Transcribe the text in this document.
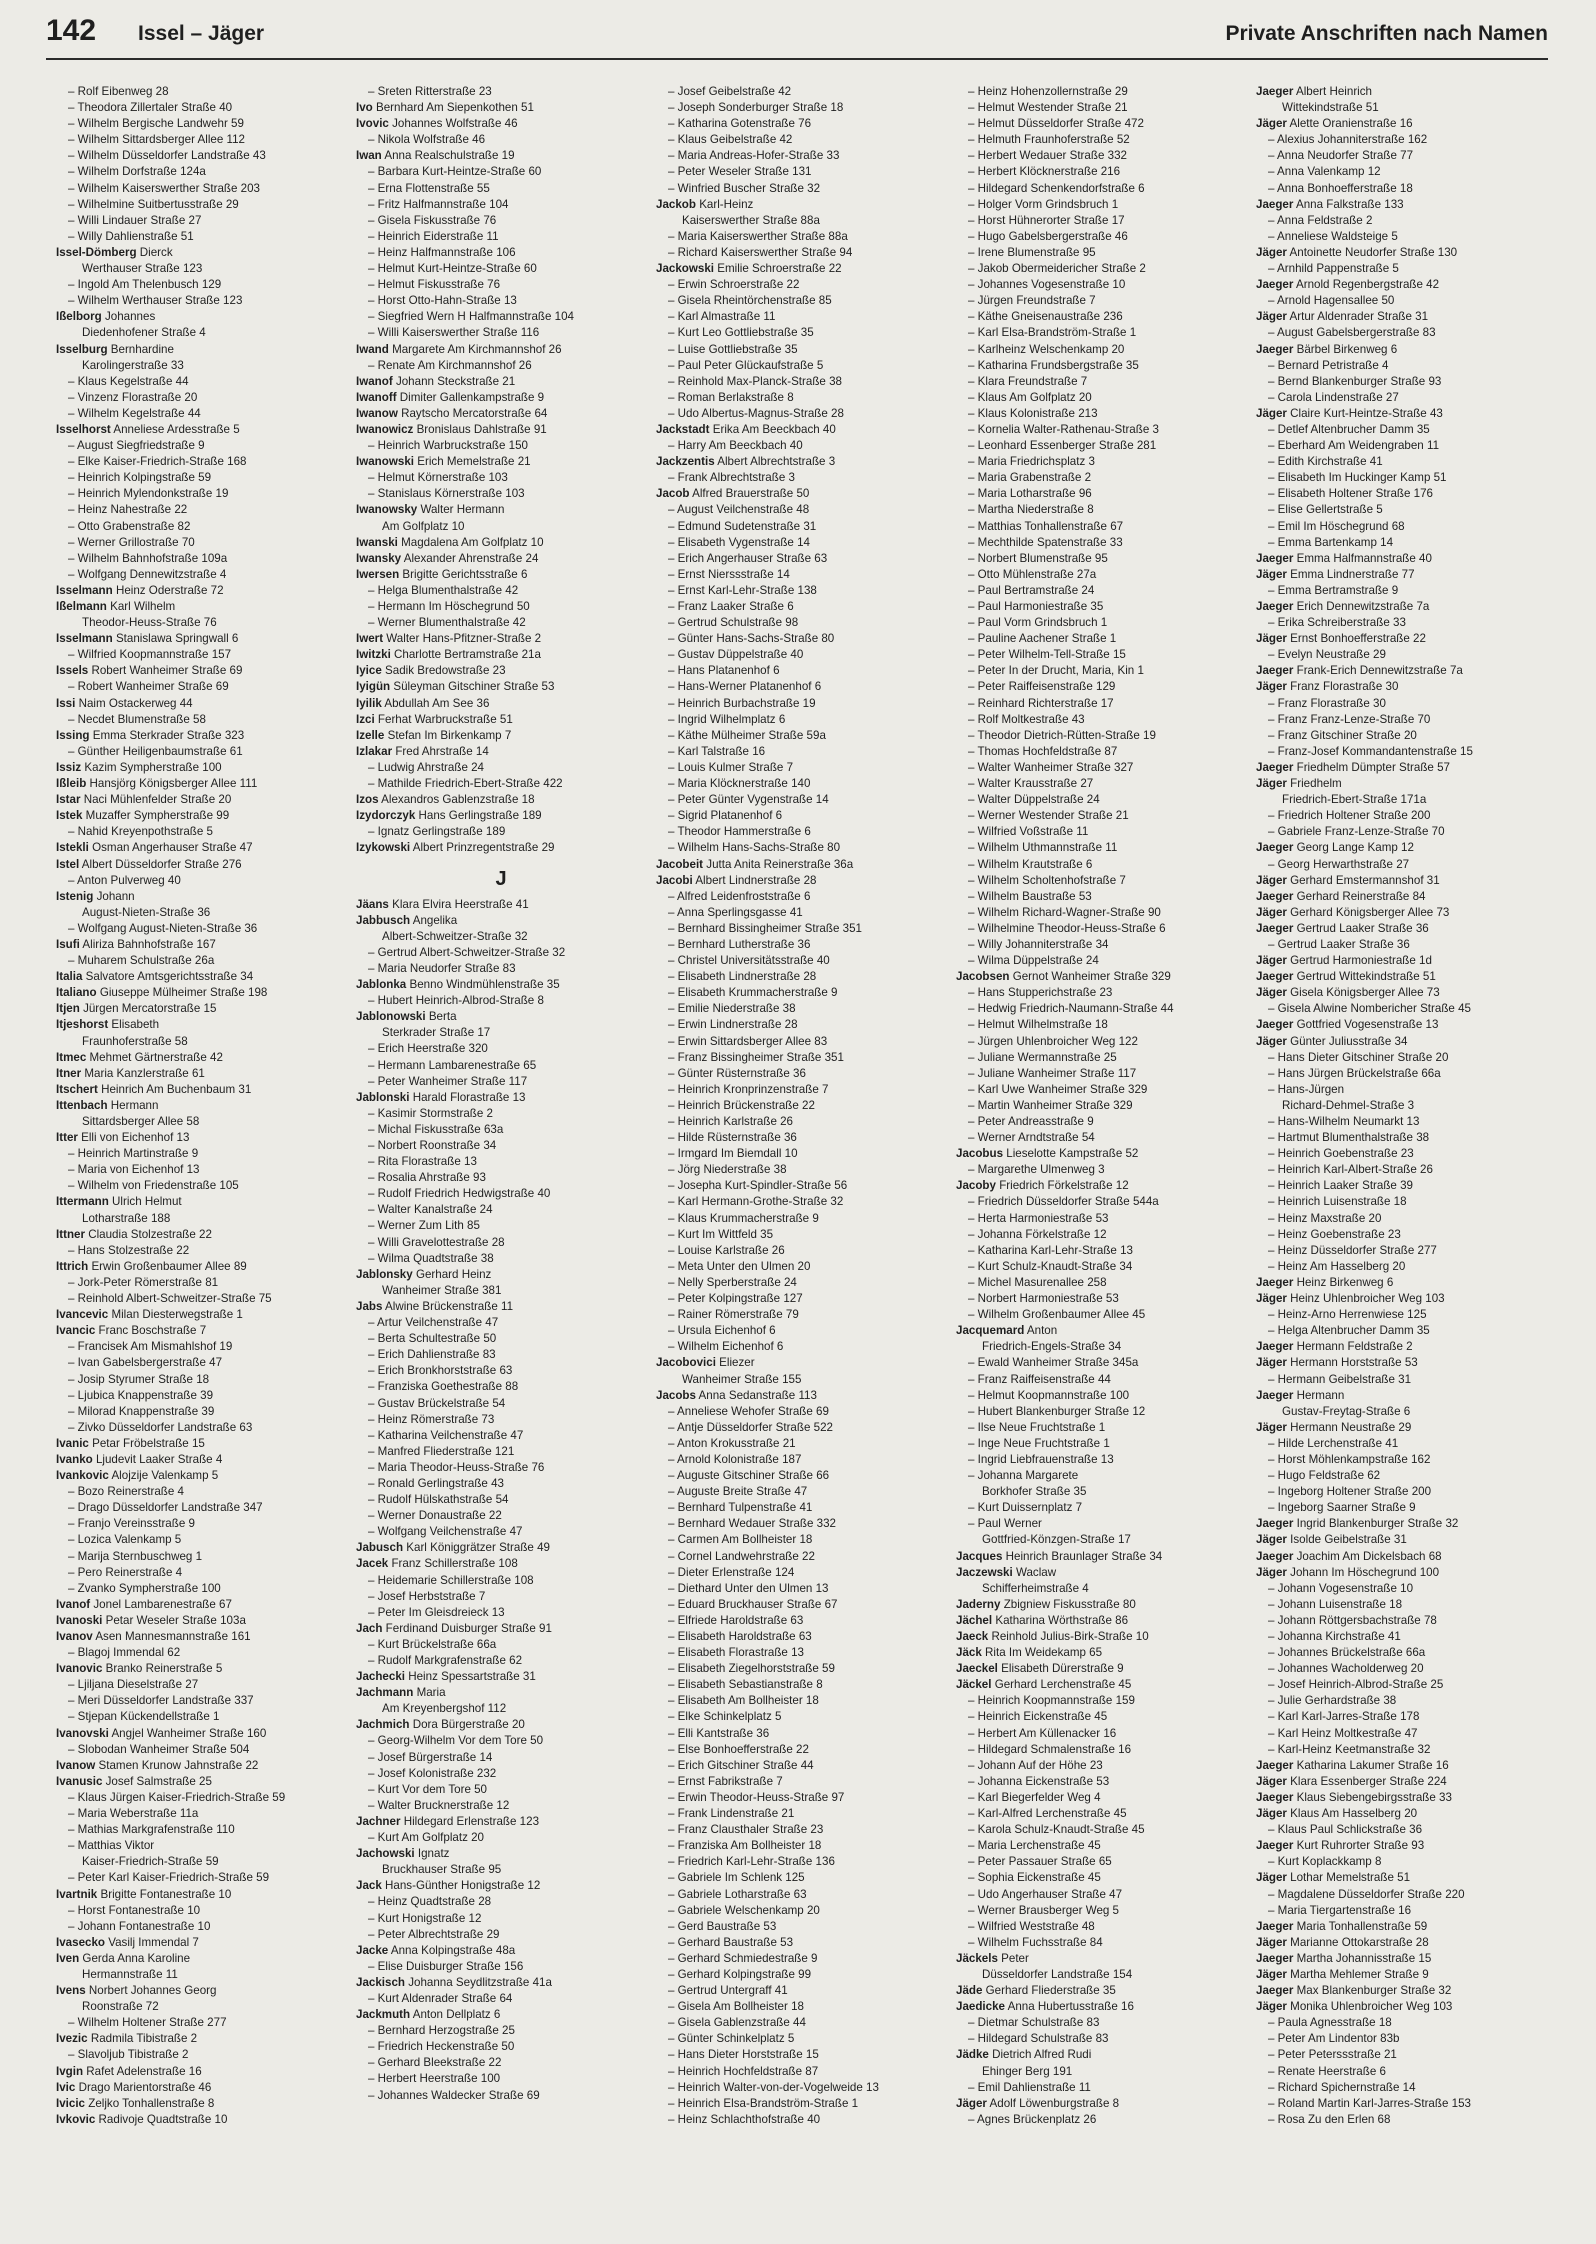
142 Issel – Jäger	Private Anschriften nach Namen
– Rolf Eibenweg 28
– Theodora Zillertaler Straße 40
– Wilhelm Bergische Landwehr 59
– Wilhelm Sittardsberger Allee 112
– Wilhelm Düsseldorfer Landstraße 43
– Wilhelm Dorfstraße 124a
– Wilhelm Kaiserswerther Straße 203
– Wilhelmine Suitbertusstraße 29
– Willi Lindauer Straße 27
– Willy Dahlienstraße 51
Issel-Dömberg Dierck
Werthauser Straße 123
– Ingold Am Thelenbusch 129
– Wilhelm Werthauser Straße 123
Ißelborg Johannes
Diedenhofener Straße 4
Isselburg Bernhardine
Karolingerstraße 33
– Klaus Kegelstraße 44
– Vinzenz Florastraße 20
– Wilhelm Kegelstraße 44
Isselhorst Anneliese Ardesstraße 5
– August Siegfriedstraße 9
– Elke Kaiser-Friedrich-Straße 168
– Heinrich Kolpingstraße 59
– Heinrich Mylendonkstraße 19
– Heinz Nahestraße 22
– Otto Grabenstraße 82
– Werner Grillostraße 70
– Wilhelm Bahnhofstraße 109a
– Wolfgang Dennewitzstraße 4
Isselmann Heinz Oderstraße 72
Ißelmann Karl Wilhelm
Theodor-Heuss-Straße 76
Isselmann Stanislawa Springwall 6
– Wilfried Koopmannstraße 157
Issels Robert Wanheimer Straße 69
– Robert Wanheimer Straße 69
Issi Naim Ostackerweg 44
– Necdet Blumenstraße 58
Issing Emma Sterkrader Straße 323
– Günther Heiligenbaumstraße 61
Issiz Kazim Sympherstraße 100
Ißleib Hansjörg Königsberger Allee 111
Istar Naci Mühlenfelder Straße 20
Istek Muzaffer Sympherstraße 99
– Nahid Kreyenpothstraße 5
Istekli Osman Angerhauser Straße 47
Istel Albert Düsseldorfer Straße 276
– Anton Pulverweg 40
Istenig Johann
August-Nieten-Straße 36
– Wolfgang August-Nieten-Straße 36
Isufi Aliriza Bahnhofstraße 167
– Muharem Schulstraße 26a
Italia Salvatore Amtsgerichtsstraße 34
Italiano Giuseppe Mülheimer Straße 198
Itjen Jürgen Mercatorstraße 15
Itjeshorst Elisabeth
Fraunhoferstraße 58
Itmec Mehmet Gärtnerstraße 42
Itner Maria Kanzlerstraße 61
Itschert Heinrich Am Buchenbaum 31
Ittenbach Hermann
Sittardsberger Allee 58
Itter Elli von Eichenhof 13
– Heinrich Martinstraße 9
– Maria von Eichenhof 13
– Wilhelm von Friedenstraße 105
Ittermann Ulrich Helmut
Lotharstraße 188
Ittner Claudia Stolzestraße 22
– Hans Stolzestraße 22
Ittrich Erwin Großenbaumer Allee 89
– Jork-Peter Römerstraße 81
– Reinhold Albert-Schweitzer-Straße 75
Ivancevic Milan Diesterwegstraße 1
Ivancic Franc Boschstraße 7
– Francisek Am Mismahlshof 19
– Ivan Gabelsbergerstraße 47
– Josip Styrumer Straße 18
– Ljubica Knappenstraße 39
– Milorad Knappenstraße 39
– Zivko Düsseldorfer Landstraße 63
Ivanic Petar Fröbelstraße 15
Ivanko Ljudevit Laaker Straße 4
Ivankovic Alojzije Valenkamp 5
– Bozo Reinerstraße 4
– Drago Düsseldorfer Landstraße 347
– Franjo Vereinsstraße 9
– Lozica Valenkamp 5
– Marija Sternbuschweg 1
– Pero Reinerstraße 4
– Zvanko Sympherstraße 100
Ivanof Jonel Lambarenestraße 67
Ivanoski Petar Weseler Straße 103a
Ivanov Asen Mannesmannstraße 161
– Blagoj Immendal 62
Ivanovic Branko Reinerstraße 5
– Ljiljana Dieselstraße 27
– Meri Düsseldorfer Landstraße 337
– Stjepan Kückendellstraße 1
Ivanovski Angjel Wanheimer Straße 160
– Slobodan Wanheimer Straße 504
Ivanow Stamen Krunow Jahnstraße 22
Ivanusic Josef Salmstraße 25
– Klaus Jürgen Kaiser-Friedrich-Straße 59
– Maria Weberstraße 11a
– Mathias Markgrafenstraße 110
– Matthias Viktor
Kaiser-Friedrich-Straße 59
– Peter Karl Kaiser-Friedrich-Straße 59
Ivartnik Brigitte Fontanestraße 10
– Horst Fontanestraße 10
– Johann Fontanestraße 10
Ivasecko Vasilj Immendal 7
Iven Gerda Anna Karoline
Hermannstraße 11
Ivens Norbert Johannes Georg
Roonstraße 72
– Wilhelm Holtener Straße 277
Ivezic Radmila Tibistraße 2
– Slavoljub Tibistraße 2
Ivgin Rafet Adelenstraße 16
Ivic Drago Marientorstraße 46
Ivicic Zeljko Tonhallenstraße 8
Ivkovic Radivoje Quadtstraße 10
– Sreten Ritterstraße 23
Ivo Bernhard Am Siepenkothen 51
Ivovic Johannes Wolfstraße 46
– Nikola Wolfstraße 46
Iwan Anna Realschulstraße 19
– Barbara Kurt-Heintze-Straße 60
– Erna Flottenstraße 55
– Fritz Halfmannstraße 104
– Gisela Fiskusstraße 76
– Heinrich Eiderstraße 11
– Heinz Halfmannstraße 106
– Helmut Kurt-Heintze-Straße 60
– Helmut Fiskusstraße 76
– Horst Otto-Hahn-Straße 13
– Siegfried Wern H Halfmannstraße 104
– Willi Kaiserswerther Straße 116
Iwand Margarete Am Kirchmannshof 26
– Renate Am Kirchmannshof 26
Iwanof Johann Steckstraße 21
Iwanoff Dimiter Gallenkampstraße 9
Iwanow Raytscho Mercatorstraße 64
Iwanowicz Bronislaus Dahlstraße 91
– Heinrich Warbruckstraße 150
Iwanowski Erich Memelstraße 21
– Helmut Körnerstraße 103
– Stanislaus Körnerstraße 103
Iwanowsky Walter Hermann
Am Golfplatz 10
Iwanski Magdalena Am Golfplatz 10
Iwansky Alexander Ahrenstraße 24
Iwersen Brigitte Gerichtsstraße 6
– Helga Blumenthalstraße 42
– Hermann Im Höschegrund 50
– Werner Blumenthalstraße 42
Iwert Walter Hans-Pfitzner-Straße 2
Iwitzki Charlotte Bertramstraße 21a
Iyice Sadik Bredowstraße 23
Iyigün Süleyman Gitschiner Straße 53
Iyilik Abdullah Am See 36
Izci Ferhat Warbruckstraße 51
Izelle Stefan Im Birkenkamp 7
Izlakar Fred Ahrstraße 14
– Ludwig Ahrstraße 24
– Mathilde Friedrich-Ebert-Straße 422
Izos Alexandros Gablenzstraße 18
Izydorczyk Hans Gerlingstraße 189
– Ignatz Gerlingstraße 189
Izykowski Albert Prinzregentstraße 29
J
Jäans Klara Elvira Heerstraße 41
Jabbusch Angelika
Albert-Schweitzer-Straße 32
– Gertrud Albert-Schweitzer-Straße 32
– Maria Neudorfer Straße 83
Jablonka Benno Windmühlenstraße 35
– Hubert Heinrich-Albrod-Straße 8
Jablonowski Berta
Sterkrader Straße 17
– Erich Heerstraße 320
– Hermann Lambarenestraße 65
– Peter Wanheimer Straße 117
Jablonski Harald Florastraße 13
– Kasimir Stormstraße 2
– Michal Fiskusstraße 63a
– Norbert Roonstraße 34
– Rita Florastraße 13
– Rosalia Ahrstraße 93
– Rudolf Friedrich Hedwigstraße 40
– Walter Kanalstraße 24
– Werner Zum Lith 85
– Willi Gravelottestraße 28
– Wilma Quadtstraße 38
Jablonsky Gerhard Heinz
Wanheimer Straße 381
Jabs Alwine Brückenstraße 11
– Artur Veilchenstraße 47
– Berta Schultestraße 50
– Erich Dahlienstraße 83
– Erich Bronkhorststraße 63
– Franziska Goethestraße 88
– Gustav Brückelstraße 54
– Heinz Römerstraße 73
– Katharina Veilchenstraße 47
– Manfred Fliederstraße 121
– Maria Theodor-Heuss-Straße 76
– Ronald Gerlingstraße 43
– Rudolf Hülskathstraße 54
– Werner Donaustraße 22
– Wolfgang Veilchenstraße 47
Jabusch Karl Königgrätzer Straße 49
Jacek Franz Schillerstraße 108
– Heidemarie Schillerstraße 108
– Josef Herbststraße 7
– Peter Im Gleisdreieck 13
Jach Ferdinand Duisburger Straße 91
– Kurt Brückelstraße 66a
– Rudolf Markgrafenstraße 62
Jachecki Heinz Spessartstraße 31
Jachmann Maria
Am Kreyenbergshof 112
Jachmich Dora Bürgerstraße 20
– Georg-Wilhelm Vor dem Tore 50
– Josef Bürgerstraße 14
– Josef Kolonistraße 232
– Kurt Vor dem Tore 50
– Walter Brucknerstraße 12
Jachner Hildegard Erlenstraße 123
– Kurt Am Golfplatz 20
Jachowski Ignatz
Bruckhauser Straße 95
Jack Hans-Günther Honigstraße 12
– Heinz Quadtstraße 28
– Kurt Honigstraße 12
– Peter Albrechtstraße 29
Jacke Anna Kolpingstraße 48a
– Elise Duisburger Straße 156
Jackisch Johanna Seydlitzstraße 41a
– Kurt Aldenrader Straße 64
Jackmuth Anton Dellplatz 6
– Bernhard Herzogstraße 25
– Friedrich Heckenstraße 50
– Gerhard Bleekstraße 22
– Herbert Heerstraße 100
– Johannes Waldecker Straße 69
– Josef Geibelstraße 42
– Joseph Sonderburger Straße 18
– Katharina Gotenstraße 76
– Klaus Geibelstraße 42
– Maria Andreas-Hofer-Straße 33
– Peter Weseler Straße 131
– Winfried Buscher Straße 32
Jackob Karl-Heinz
Kaiserswerther Straße 88a
– Maria Kaiserswerther Straße 88a
– Richard Kaiserswerther Straße 94
Jackowski Emilie Schroerstraße 22
– Erwin Schroerstraße 22
– Gisela Rheintörchenstraße 85
– Karl Almastraße 11
– Kurt Leo Gottliebstraße 35
– Luise Gottliebstraße 35
– Paul Peter Glückaufstraße 5
– Reinhold Max-Planck-Straße 38
– Roman Berlakstraße 8
– Udo Albertus-Magnus-Straße 28
Jackstadt Erika Am Beeckbach 40
– Harry Am Beeckbach 40
Jackzentis Albert Albrechtstraße 3
– Frank Albrechtstraße 3
Jacob Alfred Brauerstraße 50
– August Veilchenstraße 48
– Edmund Sudetenstraße 31
– Elisabeth Vygenstraße 14
– Erich Angerhauser Straße 63
– Ernst Nierssstraße 14
– Ernst Karl-Lehr-Straße 138
– Franz Laaker Straße 6
– Gertrud Schulstraße 98
– Günter Hans-Sachs-Straße 80
– Gustav Düppelstraße 40
– Hans Platanenhof 6
– Hans-Werner Platanenhof 6
– Heinrich Burbachstraße 19
– Ingrid Wilhelmplatz 6
– Käthe Mülheimer Straße 59a
– Karl Talstraße 16
– Louis Kulmer Straße 7
– Maria Klöcknerstraße 140
– Peter Günter Vygenstraße 14
– Sigrid Platanenhof 6
– Theodor Hammerstraße 6
– Wilhelm Hans-Sachs-Straße 80
Jacobeit Jutta Anita Reinerstraße 36a
Jacobi Albert Lindnerstraße 28
– Alfred Leidenfroststraße 6
– Anna Sperlingsgasse 41
– Bernhard Bissingheimer Straße 351
– Bernhard Lutherstraße 36
– Christel Universitätsstraße 40
– Elisabeth Lindnerstraße 28
– Elisabeth Krummacherstraße 9
– Emilie Niederstraße 38
– Erwin Lindnerstraße 28
– Erwin Sittardsberger Allee 83
– Franz Bissingheimer Straße 351
– Günter Rüsternstraße 36
– Heinrich Kronprinzenstraße 7
– Heinrich Brückenstraße 22
– Heinrich Karlstraße 26
– Hilde Rüsternstraße 36
– Irmgard Im Biemdall 10
– Jörg Niederstraße 38
– Josepha Kurt-Spindler-Straße 56
– Karl Hermann-Grothe-Straße 32
– Klaus Krummacherstraße 9
– Kurt Im Wittfeld 35
– Louise Karlstraße 26
– Meta Unter den Ulmen 20
– Nelly Sperberstraße 24
– Peter Kolpingstraße 127
– Rainer Römerstraße 79
– Ursula Eichenhof 6
– Wilhelm Eichenhof 6
Jacobovici Eliezer
Wanheimer Straße 155
Jacobs Anna Sedanstraße 113
– Anneliese Wehofer Straße 69
– Antje Düsseldorfer Straße 522
– Anton Krokusstraße 21
– Arnold Kolonistraße 187
– Auguste Gitschiner Straße 66
– Auguste Breite Straße 47
– Bernhard Tulpenstraße 41
– Bernhard Wedauer Straße 332
– Carmen Am Bollheister 18
– Cornel Landwehrstraße 22
– Dieter Erlenstraße 124
– Diethard Unter den Ulmen 13
– Eduard Bruckhauser Straße 67
– Elfriede Haroldstraße 63
– Elisabeth Haroldstraße 63
– Elisabeth Florastraße 13
– Elisabeth Ziegelhorststraße 59
– Elisabeth Sebastianstraße 8
– Elisabeth Am Bollheister 18
– Elke Schinkelplatz 5
– Elli Kantstraße 36
– Else Bonhoefferstraße 22
– Erich Gitschiner Straße 44
– Ernst Fabrikstraße 7
– Erwin Theodor-Heuss-Straße 97
– Frank Lindenstraße 21
– Franz Clausthaler Straße 23
– Franziska Am Bollheister 18
– Friedrich Karl-Lehr-Straße 136
– Gabriele Im Schlenk 125
– Gabriele Lotharstraße 63
– Gabriele Welschenkamp 20
– Gerd Baustraße 53
– Gerhard Baustraße 53
– Gerhard Schmiedestraße 9
– Gerhard Kolpingstraße 99
– Gertrud Untergraff 41
– Gisela Am Bollheister 18
– Gisela Gablenzstraße 44
– Günter Schinkelplatz 5
– Hans Dieter Horststraße 15
– Heinrich Hochfeldstraße 87
– Heinrich Walter-von-der-Vogelweide 13
– Heinrich Elsa-Brandström-Straße 1
– Heinz Schlachthofstraße 40
– Heinz Hohenzollernstraße 29
– Helmut Westender Straße 21
– Helmut Düsseldorfer Straße 472
– Helmuth Fraunhoferstraße 52
– Herbert Wedauer Straße 332
– Herbert Klöcknerstraße 216
– Hildegard Schenkendorfstraße 6
– Holger Vorm Grindsbruch 1
– Horst Hühnerorter Straße 17
– Hugo Gabelsbergerstraße 46
– Irene Blumenstraße 95
– Jakob Obermeidericher Straße 2
– Johannes Vogesenstraße 10
– Jürgen Freundstraße 7
– Käthe Gneisenaustraße 236
– Karl Elsa-Brandström-Straße 1
– Karlheinz Welschenkamp 20
– Katharina Frundsbergstraße 35
– Klara Freundstraße 7
– Klaus Am Golfplatz 20
– Klaus Kolonistraße 213
– Kornelia Walter-Rathenau-Straße 3
– Leonhard Essenberger Straße 281
– Maria Friedrichsplatz 3
– Maria Grabenstraße 2
– Maria Lotharstraße 96
– Martha Niederstraße 8
– Matthias Tonhallenstraße 67
– Mechthilde Spatenstraße 33
– Norbert Blumenstraße 95
– Otto Mühlenstraße 27a
– Paul Bertramstraße 24
– Paul Harmoniestraße 35
– Paul Vorm Grindsbruch 1
– Pauline Aachener Straße 1
– Peter Wilhelm-Tell-Straße 15
– Peter In der Drucht, Maria, Kin 1
– Peter Raiffeisenstraße 129
– Reinhard Richterstraße 17
– Rolf Moltkestraße 43
– Theodor Dietrich-Rütten-Straße 19
– Thomas Hochfeldstraße 87
– Walter Wanheimer Straße 327
– Walter Krausstraße 27
– Walter Düppelstraße 24
– Werner Westender Straße 21
– Wilfried Voßstraße 11
– Wilhelm Uthmannstraße 11
– Wilhelm Krautstraße 6
– Wilhelm Scholtenhofstraße 7
– Wilhelm Baustraße 53
– Wilhelm Richard-Wagner-Straße 90
– Wilhelmine Theodor-Heuss-Straße 6
– Willy Johanniterstraße 34
– Wilma Düppelstraße 24
Jacobsen Gernot Wanheimer Straße 329
– Hans Stupperichstraße 23
– Hedwig Friedrich-Naumann-Straße 44
– Helmut Wilhelmstraße 18
– Jürgen Uhlenbroicher Weg 122
– Juliane Wermannstraße 25
– Juliane Wanheimer Straße 117
– Karl Uwe Wanheimer Straße 329
– Martin Wanheimer Straße 329
– Peter Andreasstraße 9
– Werner Arndtstraße 54
Jacobus Lieselotte Kampstraße 52
– Margarethe Ulmenweg 3
Jacoby Friedrich Förkelstraße 12
– Friedrich Düsseldorfer Straße 544a
– Herta Harmoniestraße 53
– Johanna Förkelstraße 12
– Katharina Karl-Lehr-Straße 13
– Kurt Schulz-Knaudt-Straße 34
– Michel Masurenallee 258
– Norbert Harmoniestraße 53
– Wilhelm Großenbaumer Allee 45
Jacquemard Anton
Friedrich-Engels-Straße 34
– Ewald Wanheimer Straße 345a
– Franz Raiffeisenstraße 44
– Helmut Koopmannstraße 100
– Hubert Blankenburger Straße 12
– Ilse Neue Fruchtstraße 1
– Inge Neue Fruchtstraße 1
– Ingrid Liebfrauenstraße 13
– Johanna Margarete
Borkhofer Straße 35
– Kurt Duissernplatz 7
– Paul Werner
Gottfried-Könzgen-Straße 17
Jacques Heinrich Braunlager Straße 34
Jaczewski Waclaw
Schifferheimstraße 4
Jaderny Zbigniew Fiskusstraße 80
Jächel Katharina Wörthstraße 86
Jaeck Reinhold Julius-Birk-Straße 10
Jäck Rita Im Weidekamp 65
Jaeckel Elisabeth Dürerstraße 9
Jäckel Gerhard Lerchenstraße 45
– Heinrich Koopmannstraße 159
– Heinrich Eickenstraße 45
– Herbert Am Küllenacker 16
– Hildegard Schmalenstraße 16
– Johann Auf der Höhe 23
– Johanna Eickenstraße 53
– Karl Biegerfelder Weg 4
– Karl-Alfred Lerchenstraße 45
– Karola Schulz-Knaudt-Straße 45
– Maria Lerchenstraße 45
– Peter Passauer Straße 65
– Sophia Eickenstraße 45
– Udo Angerhauser Straße 47
– Werner Brausberger Weg 5
– Wilfried Weststraße 48
– Wilhelm Fuchsstraße 84
Jäckels Peter
Düsseldorfer Landstraße 154
Jäde Gerhard Fliederstraße 35
Jaedicke Anna Hubertusstraße 16
– Dietmar Schulstraße 83
– Hildegard Schulstraße 83
Jädke Dietrich Alfred Rudi
Ehinger Berg 191
– Emil Dahlienstraße 11
Jäger Adolf Löwenburgstraße 8
– Agnes Brückenplatz 26
Jaeger Albert Heinrich
Wittekindstraße 51
Jäger Alette Oranienstraße 16
– Alexius Johanniterstraße 162
– Anna Neudorfer Straße 77
– Anna Valenkamp 12
– Anna Bonhoefferstraße 18
Jaeger Anna Falkstraße 133
– Anna Feldstraße 2
– Anneliese Waldsteige 5
Jäger Antoinette Neudorfer Straße 130
– Arnhild Pappenstraße 5
Jaeger Arnold Regenbergstraße 42
– Arnold Hagensallee 50
Jäger Artur Aldenrader Straße 31
– August Gabelsbergerstraße 83
Jaeger Bärbel Birkenweg 6
– Bernard Petristraße 4
– Bernd Blankenburger Straße 93
– Carola Lindenstraße 27
Jäger Claire Kurt-Heintze-Straße 43
– Detlef Altenbrucher Damm 35
– Eberhard Am Weidengraben 11
– Edith Kirchstraße 41
– Elisabeth Im Huckinger Kamp 51
– Elisabeth Holtener Straße 176
– Elise Gellertstraße 5
– Emil Im Höschegrund 68
– Emma Bartenkamp 14
Jaeger Emma Halfmannstraße 40
Jäger Emma Lindnerstraße 77
– Emma Bertramstraße 9
Jaeger Erich Dennewitzstraße 7a
– Erika Schreiberstraße 33
Jäger Ernst Bonhoefferstraße 22
– Evelyn Neustraße 29
Jaeger Frank-Erich Dennewitzstraße 7a
Jäger Franz Florastraße 30
– Franz Florastraße 30
– Franz Franz-Lenze-Straße 70
– Franz Gitschiner Straße 20
– Franz-Josef Kommandantenstraße 15
Jaeger Friedhelm Dümpter Straße 57
Jäger Friedhelm
Friedrich-Ebert-Straße 171a
– Friedrich Holtener Straße 200
– Gabriele Franz-Lenze-Straße 70
Jaeger Georg Lange Kamp 12
– Georg Herwarthstraße 27
Jäger Gerhard Emstermannshof 31
Jaeger Gerhard Reinerstraße 84
Jäger Gerhard Königsberger Allee 73
Jaeger Gertrud Laaker Straße 36
– Gertrud Laaker Straße 36
Jäger Gertrud Harmoniestraße 1d
Jaeger Gertrud Wittekindstraße 51
Jäger Gisela Königsberger Allee 73
– Gisela Alwine Nombericher Straße 45
Jaeger Gottfried Vogesenstraße 13
Jäger Günter Juliusstraße 34
– Hans Dieter Gitschiner Straße 20
– Hans Jürgen Brückelstraße 66a
– Hans-Jürgen
Richard-Dehmel-Straße 3
– Hans-Wilhelm Neumarkt 13
– Hartmut Blumenthalstraße 38
– Heinrich Goebenstraße 23
– Heinrich Karl-Albert-Straße 26
– Heinrich Laaker Straße 39
– Heinrich Luisenstraße 18
– Heinz Maxstraße 20
– Heinz Goebenstraße 23
– Heinz Düsseldorfer Straße 277
– Heinz Am Hasselberg 20
Jaeger Heinz Birkenweg 6
Jäger Heinz Uhlenbroicher Weg 103
– Heinz-Arno Herrenwiese 125
– Helga Altenbrucher Damm 35
Jaeger Hermann Feldstraße 2
Jäger Hermann Horststraße 53
– Hermann Geibelstraße 31
Jaeger Hermann
Gustav-Freytag-Straße 6
Jäger Hermann Neustraße 29
– Hilde Lerchenstraße 41
– Horst Möhlenkampstraße 162
– Hugo Feldstraße 62
– Ingeborg Holtener Straße 200
– Ingeborg Saarner Straße 9
Jaeger Ingrid Blankenburger Straße 32
Jäger Isolde Geibelstraße 31
Jaeger Joachim Am Dickelsbach 68
Jäger Johann Im Höschegrund 100
– Johann Vogesenstraße 10
– Johann Luisenstraße 18
– Johann Röttgersbachstraße 78
– Johanna Kirchstraße 41
– Johannes Brückelstraße 66a
– Johannes Wacholderweg 20
– Josef Heinrich-Albrod-Straße 25
– Julie Gerhardstraße 38
– Karl Karl-Jarres-Straße 178
– Karl Heinz Moltkestraße 47
– Karl-Heinz Keetmanstraße 32
Jaeger Katharina Lakumer Straße 16
Jäger Klara Essenberger Straße 224
Jaeger Klaus Siebengebirgsstraße 33
Jäger Klaus Am Hasselberg 20
– Klaus Paul Schlickstraße 36
Jaeger Kurt Ruhrorter Straße 93
– Kurt Koplackkamp 8
Jäger Lothar Memelstraße 51
– Magdalene Düsseldorfer Straße 220
– Maria Tiergartenstraße 16
Jaeger Maria Tonhallenstraße 59
Jäger Marianne Ottokarstraße 28
Jaeger Martha Johannisstraße 15
Jäger Martha Mehlemer Straße 9
Jaeger Max Blankenburger Straße 32
Jäger Monika Uhlenbroicher Weg 103
– Paula Agnesstraße 18
– Peter Am Lindentor 83b
– Peter Peterssstraße 21
– Renate Heerstraße 6
– Richard Spichernstraße 14
– Roland Martin Karl-Jarres-Straße 153
– Rosa Zu den Erlen 68
